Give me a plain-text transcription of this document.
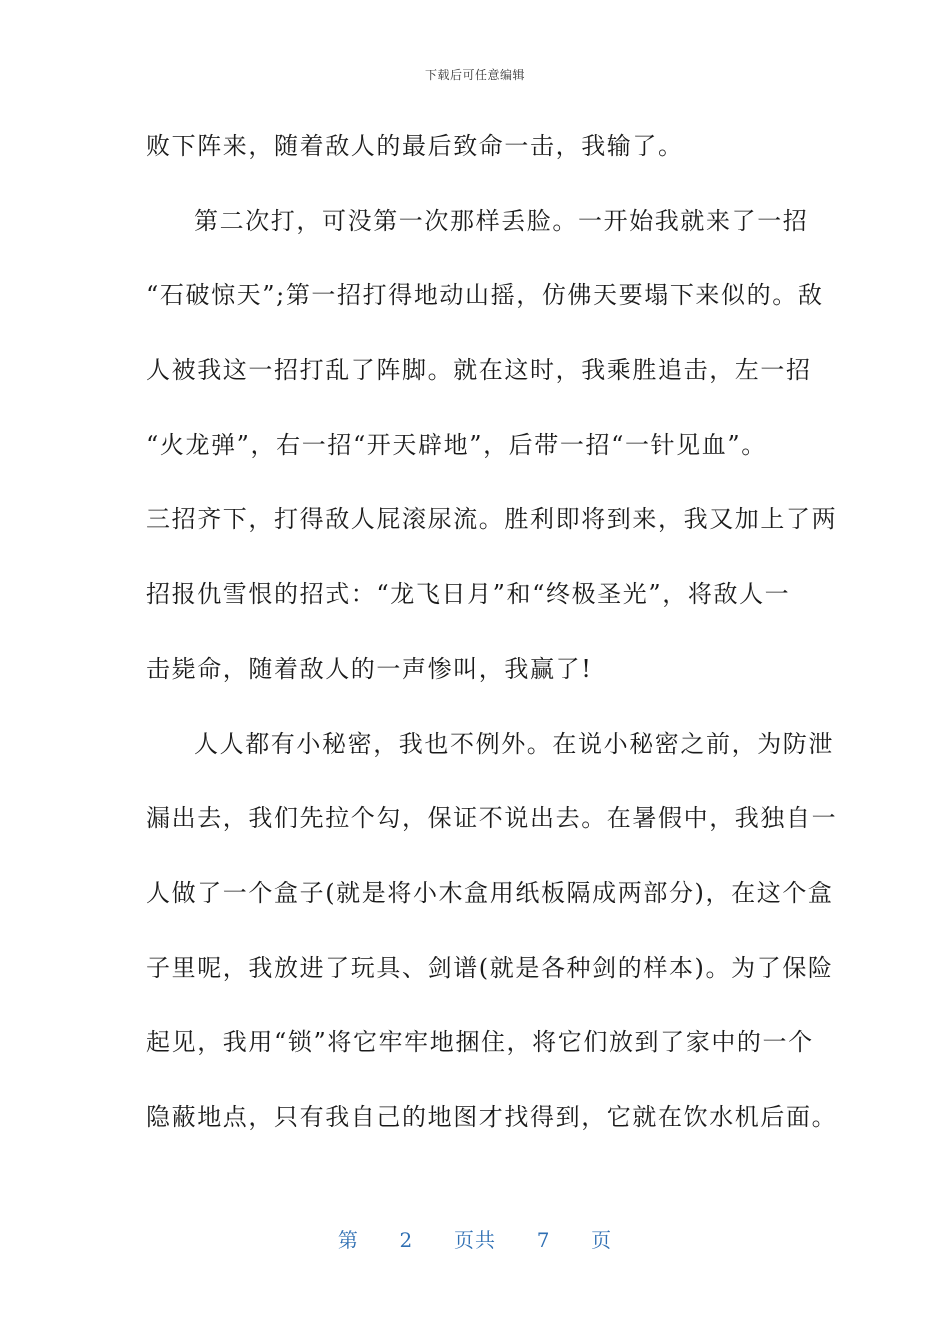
下载后可任意编辑
败下阵来，随着敌人的最后致命一击，我输了。
第二次打，可没第一次那样丢脸。一开始我就来了一招
“石破惊天”;第一招打得地动山摇，仿佛天要塌下来似的。敌
人被我这一招打乱了阵脚。就在这时，我乘胜追击，左一招
“火龙弹”，右一招“开天辟地”，后带一招“一针见血”。
三招齐下，打得敌人屁滚尿流。胜利即将到来，我又加上了两
招报仇雪恨的招式：“龙飞日月”和“终极圣光”，将敌人一
击毙命，随着敌人的一声惨叫，我赢了!
人人都有小秘密，我也不例外。在说小秘密之前，为防泄
漏出去，我们先拉个勾，保证不说出去。在暑假中，我独自一
人做了一个盒子(就是将小木盒用纸板隔成两部分)，在这个盒
子里呢，我放进了玩具、剑谱(就是各种剑的样本)。为了保险
起见，我用“锁”将它牢牢地捆住，将它们放到了家中的一个
隐蔽地点，只有我自己的地图才找得到，它就在饮水机后面。
第 2 页共 7 页
